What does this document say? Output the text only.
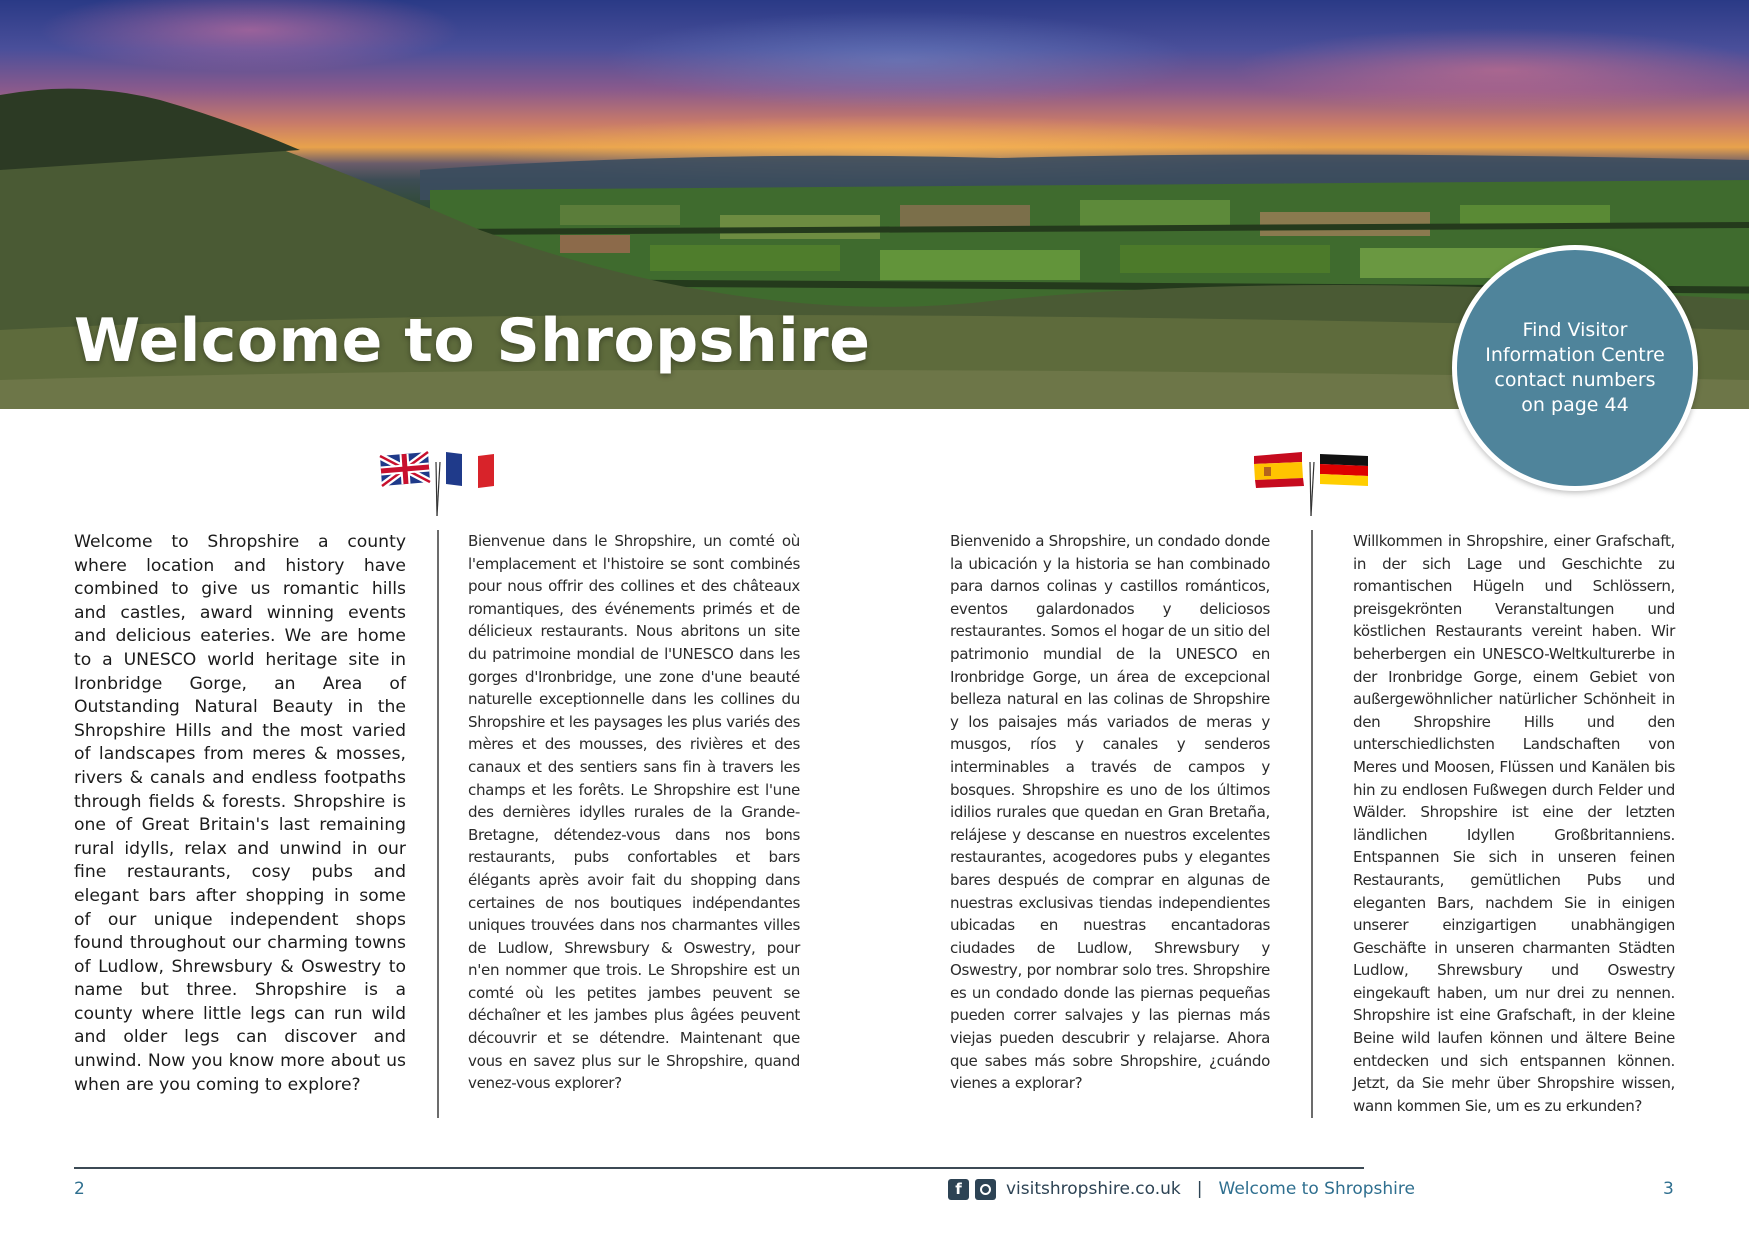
Welcome to Shropshire	Find Visitor Information Centre contact numbers on page 44

Welcome to Shropshire a county where location and history have combined to give us romantic hills and castles, award winning events and delicious eateries. We are home to a UNESCO world heritage site in Ironbridge Gorge, an Area of Outstanding Natural Beauty in the Shropshire Hills and the most varied of landscapes from meres & mosses, rivers & canals and endless footpaths through fields & forests. Shropshire is one of Great Britain's last remaining rural idylls, relax and unwind in our fine restaurants, cosy pubs and elegant bars after shopping in some of our unique independent shops found throughout our charming towns of Ludlow, Shrewsbury & Oswestry to name but three. Shropshire is a county where little legs can run wild and older legs can discover and unwind. Now you know more about us when are you coming to explore?

Bienvenue dans le Shropshire, un comté où l'emplacement et l'histoire se sont combinés pour nous offrir des collines et des châteaux romantiques, des événements primés et de délicieux restaurants. Nous abritons un site du patrimoine mondial de l'UNESCO dans les gorges d'Ironbridge, une zone d'une beauté naturelle exceptionnelle dans les collines du Shropshire et les paysages les plus variés des mères et des mousses, des rivières et des canaux et des sentiers sans fin à travers les champs et les forêts. Le Shropshire est l'une des dernières idylles rurales de la Grande-Bretagne, détendez-vous dans nos bons restaurants, pubs confortables et bars élégants après avoir fait du shopping dans certaines de nos boutiques indépendantes uniques trouvées dans nos charmantes villes de Ludlow, Shrewsbury & Oswestry, pour n'en nommer que trois. Le Shropshire est un comté où les petites jambes peuvent se déchaîner et les jambes plus âgées peuvent découvrir et se détendre. Maintenant que vous en savez plus sur le Shropshire, quand venez-vous explorer?

Bienvenido a Shropshire, un condado donde la ubicación y la historia se han combinado para darnos colinas y castillos románticos, eventos galardonados y deliciosos restaurantes. Somos el hogar de un sitio del patrimonio mundial de la UNESCO en Ironbridge Gorge, un área de excepcional belleza natural en las colinas de Shropshire y los paisajes más variados de meras y musgos, ríos y canales y senderos interminables a través de campos y bosques. Shropshire es uno de los últimos idilios rurales que quedan en Gran Bretaña, relájese y descanse en nuestros excelentes restaurantes, acogedores pubs y elegantes bares después de comprar en algunas de nuestras exclusivas tiendas independientes ubicadas en nuestras encantadoras ciudades de Ludlow, Shrewsbury y Oswestry, por nombrar solo tres. Shropshire es un condado donde las piernas pequeñas pueden correr salvajes y las piernas más viejas pueden descubrir y relajarse. Ahora que sabes más sobre Shropshire, ¿cuándo vienes a explorar?

Willkommen in Shropshire, einer Grafschaft, in der sich Lage und Geschichte zu romantischen Hügeln und Schlössern, preisgekrönten Veranstaltungen und köstlichen Restaurants vereint haben. Wir beherbergen ein UNESCO-Weltkulturerbe in der Ironbridge Gorge, einem Gebiet von außergewöhnlicher natürlicher Schönheit in den Shropshire Hills und den unterschiedlichsten Landschaften von Meres und Moosen, Flüssen und Kanälen bis hin zu endlosen Fußwegen durch Felder und Wälder. Shropshire ist eine der letzten ländlichen Idyllen Großbritanniens. Entspannen Sie sich in unseren feinen Restaurants, gemütlichen Pubs und eleganten Bars, nachdem Sie in einigen unserer einzigartigen unabhängigen Geschäfte in unseren charmanten Städten Ludlow, Shrewsbury und Oswestry eingekauft haben, um nur drei zu nennen. Shropshire ist eine Grafschaft, in der kleine Beine wild laufen können und ältere Beine entdecken und sich entspannen können. Jetzt, da Sie mehr über Shropshire wissen, wann kommen Sie, um es zu erkunden?

2	f	visitshropshire.co.uk | Welcome to Shropshire	3
